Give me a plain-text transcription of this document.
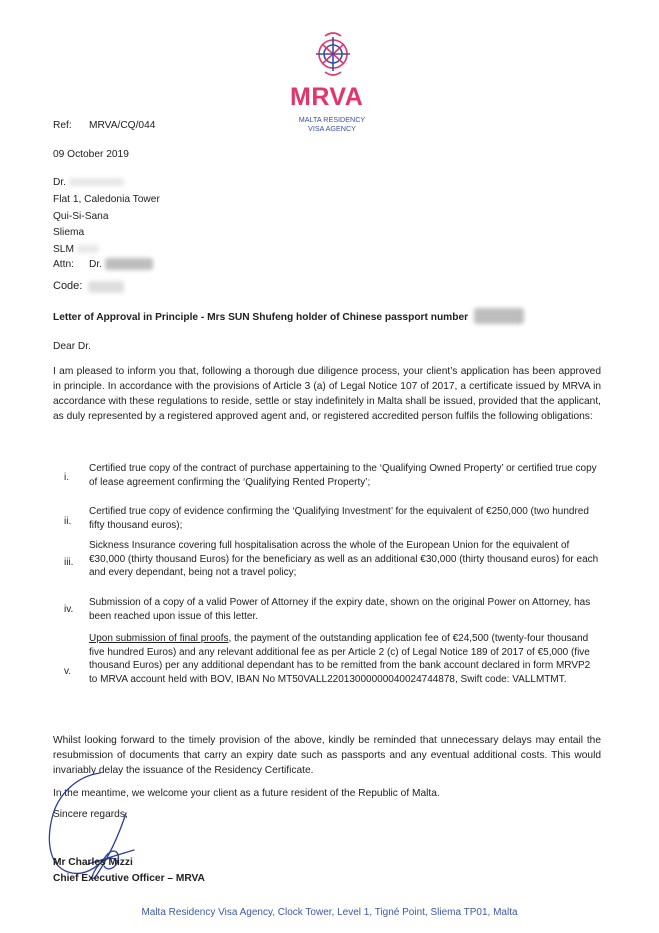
MRVA
MALTA RESIDENCY
VISA AGENCY
Ref: MRVA/CQ/044
09 October 2019
Dr.
Flat 1, Caledonia Tower
Qui-Si-Sana
Sliema
SLM
Attn: Dr.
Code:
Letter of Approval in Principle - Mrs SUN Shufeng holder of Chinese passport number
Dear Dr.
I am pleased to inform you that, following a thorough due diligence process, your client’s application has been approved in principle. In accordance with the provisions of Article 3 (a) of Legal Notice 107 of 2017, a certificate issued by MRVA in accordance with these regulations to reside, settle or stay indefinitely in Malta shall be issued, provided that the applicant, as duly represented by a registered approved agent and, or registered accredited person fulfils the following obligations:
i.
Certified true copy of the contract of purchase appertaining to the ‘Qualifying Owned Property’ or certified true copy of lease agreement confirming the ‘Qualifying Rented Property’;
ii.
Certified true copy of evidence confirming the ‘Qualifying Investment’ for the equivalent of €250,000 (two hundred fifty thousand euros);
iii.
Sickness Insurance covering full hospitalisation across the whole of the European Union for the equivalent of €30,000 (thirty thousand Euros) for the beneficiary as well as an additional €30,000 (thirty thousand euros) for each and every dependant, being not a travel policy;
iv.
Submission of a copy of a valid Power of Attorney if the expiry date, shown on the original Power on Attorney, has been reached upon issue of this letter.
v.
Upon submission of final proofs, the payment of the outstanding application fee of €24,500 (twenty-four thousand five hundred Euros) and any relevant additional fee as per Article 2 (c) of Legal Notice 189 of 2017 of €5,000 (five thousand Euros) per any additional dependant has to be remitted from the bank account declared in form MRVP2 to MRVA account held with BOV, IBAN No MT50VALL22013000000040024744878, Swift code: VALLMTMT.
Whilst looking forward to the timely provision of the above, kindly be reminded that unnecessary delays may entail the resubmission of documents that carry an expiry date such as passports and any eventual additional costs. This would invariably delay the issuance of the Residency Certificate.
In the meantime, we welcome your client as a future resident of the Republic of Malta.
Sincere regards,
Mr Charles Mizzi
Chief Executive Officer – MRVA
Malta Residency Visa Agency, Clock Tower, Level 1, Tigné Point, Sliema TP01, Malta
